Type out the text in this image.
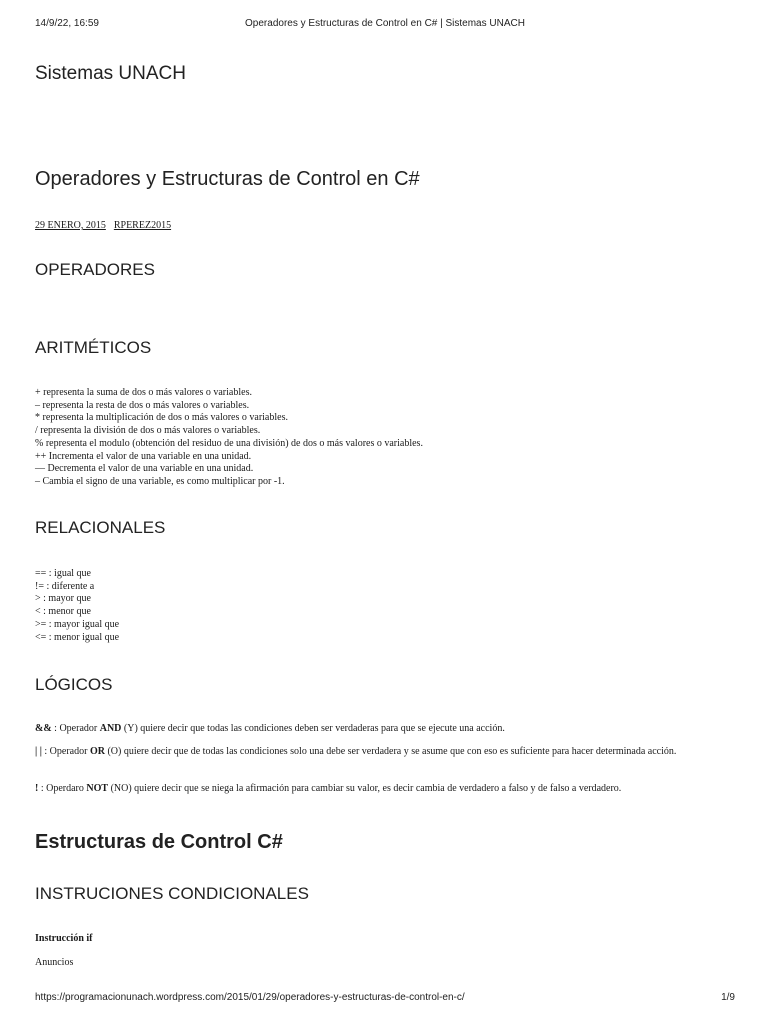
14/9/22, 16:59	Operadores y Estructuras de Control en C# | Sistemas UNACH
Sistemas UNACH
Operadores y Estructuras de Control en C#
29 ENERO, 2015 RPEREZ2015
OPERADORES
ARITMÉTICOS
+ representa la suma de dos o más valores o variables.
– representa la resta de dos o más valores o variables.
* representa la multiplicación de dos o más valores o variables.
/ representa la división de dos o más valores o variables.
% representa el modulo (obtención del residuo de una división) de dos o más valores o variables.
++ Incrementa el valor de una variable en una unidad.
— Decrementa el valor de una variable en una unidad.
– Cambia el signo de una variable, es como multiplicar por -1.
RELACIONALES
== : igual que
!= : diferente a
> : mayor que
< : menor que
>= : mayor igual que
<= : menor igual que
LÓGICOS

&& : Operador AND (Y) quiere decir que todas las condiciones deben ser verdaderas para que se ejecute una acción.

| | : Operador OR (O) quiere decir que de todas las condiciones solo una debe ser verdadera y se asume que con eso es suficiente para hacer determinada acción.

! : Operdaro NOT (NO) quiere decir que se niega la afirmación para cambiar su valor, es decir cambia de verdadero a falso y de falso a verdadero.

Estructuras de Control C#
INSTRUCIONES CONDICIONALES
Instrucción if
Anuncios
https://programacionunach.wordpress.com/2015/01/29/operadores-y-estructuras-de-control-en-c/	1/9
